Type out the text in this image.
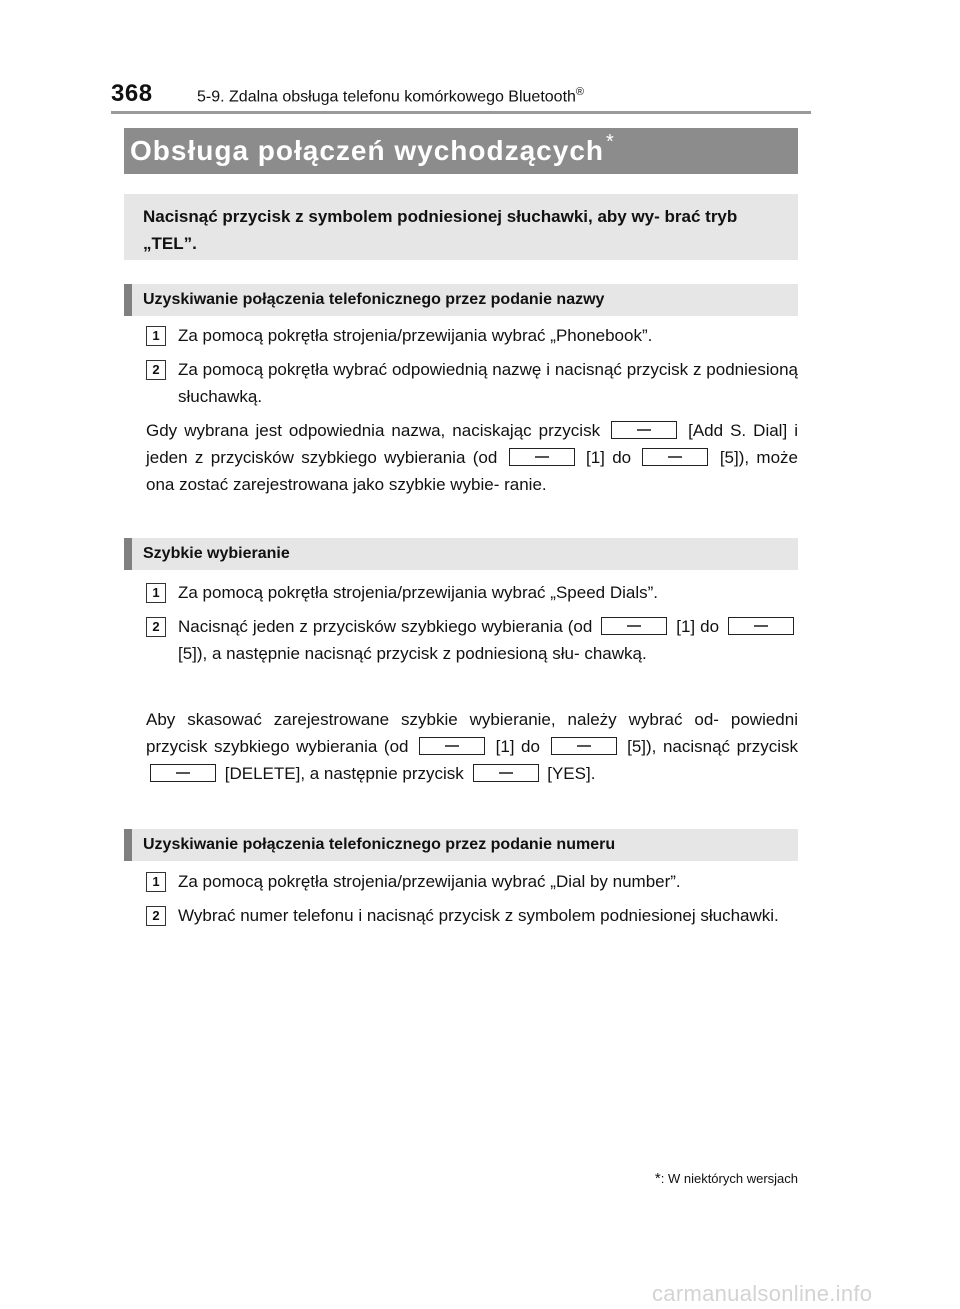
368	5-9. Zdalna obsługa telefonu komórkowego Bluetooth®
Obsługa połączeń wychodzących *
Nacisnąć przycisk z symbolem podniesionej słuchawki, aby wy- brać tryb „TEL”.
Uzyskiwanie połączenia telefonicznego przez podanie nazwy
1	Za pomocą pokrętła strojenia/przewijania wybrać „Phonebook”.
2	Za pomocą pokrętła wybrać odpowiednią nazwę i nacisnąć przycisk z podniesioną słuchawką.
Gdy wybrana jest odpowiednia nazwa, naciskając przycisk	[Add S. Dial] i jeden z przycisków szybkiego wybierania (od	[1] do	[5]), może ona zostać zarejestrowana jako szybkie wybie- ranie.
Szybkie wybieranie
1	Za pomocą pokrętła strojenia/przewijania wybrać „Speed Dials”.
2	Nacisnąć jeden z przycisków szybkiego wybierania (od	[1] do  [5]), a następnie nacisnąć przycisk z podniesioną słu- chawką.
Aby skasować zarejestrowane szybkie wybieranie, należy wybrać od- powiedni przycisk szybkiego wybierania (od	[1] do	[5]), nacisnąć przycisk  [DELETE], a następnie przycisk	[YES].
Uzyskiwanie połączenia telefonicznego przez podanie numeru
1	Za pomocą pokrętła strojenia/przewijania wybrać „Dial by number”.
2	Wybrać numer telefonu i nacisnąć przycisk z symbolem podniesionej słuchawki.
*: W niektórych wersjach
carmanualsonline.info
